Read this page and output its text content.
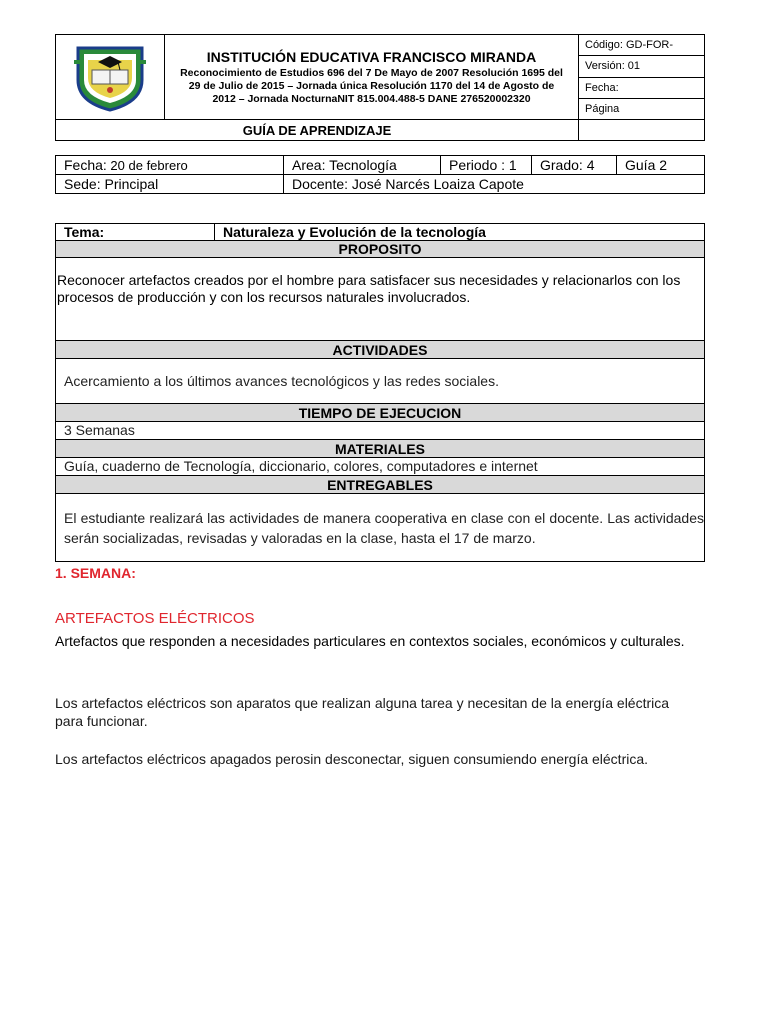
INSTITUCIÓN EDUCATIVA FRANCISCO MIRANDA
Reconocimiento de Estudios 696 del 7 De Mayo de 2007 Resolución 1695 del 29 de Julio de 2015 – Jornada única Resolución 1170 del 14 de Agosto de 2012 – Jornada NocturnaNIT 815.004.488-5 DANE 276520002320	Código: GD-FOR-
		Versión: 01
		Fecha:
		Página
GUÍA DE APRENDIZAJE		
Fecha: 20 de febrero	Area: Tecnología	Periodo : 1	Grado: 4	Guía 2
Sede: Principal	Docente: José Narcés Loaiza Capote			
Tema:	Naturaleza y Evolución de la tecnología
PROPOSITO
Reconocer artefactos creados por el hombre para satisfacer sus necesidades y relacionarlos con los procesos de producción y con los recursos naturales involucrados.
ACTIVIDADES
Acercamiento a los últimos avances tecnológicos y las redes sociales.
TIEMPO DE EJECUCION
3 Semanas
MATERIALES
Guía, cuaderno de Tecnología, diccionario, colores, computadores e internet
ENTREGABLES
El estudiante realizará las actividades de manera cooperativa en clase con el docente. Las actividades serán socializadas, revisadas y valoradas en la clase, hasta el 17 de marzo.
1. SEMANA:
ARTEFACTOS ELÉCTRICOS
Artefactos que responden a necesidades particulares en contextos sociales, económicos y culturales.
Los artefactos eléctricos son aparatos que realizan alguna tarea y necesitan de la energía eléctrica para funcionar.
Los artefactos eléctricos apagados perosin desconectar, siguen consumiendo energía eléctrica.
